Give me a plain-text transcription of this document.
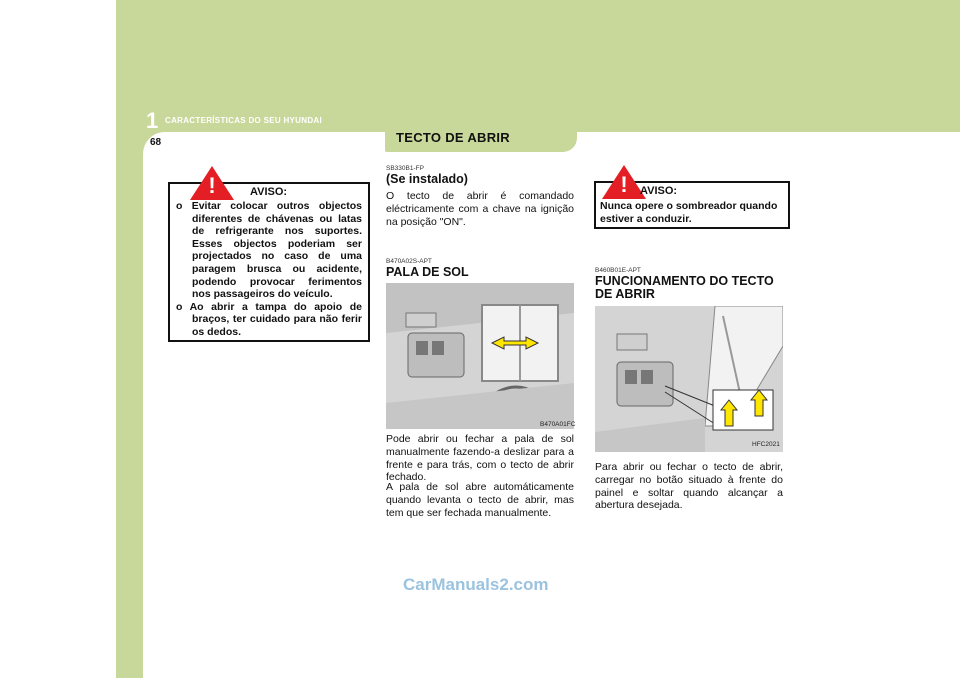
1 CARACTERÍSTICAS DO SEU HYUNDAI
68	TECTO DE ABRIR
!	AVISO:
o Evitar colocar outros objectos diferentes de chávenas ou latas de refrigerante nos suportes. Esses objectos poderiam ser projectados no caso de uma paragem brusca ou acidente, podendo provocar ferimentos nos passageiros do veículo.
o Ao abrir a tampa do apoio de braços, ter cuidado para não ferir os dedos.
SB330B1-FP
(Se instalado)
O tecto de abrir é comandado eléctricamente com a chave na ignição na posição "ON".
B470A02S-APT
PALA DE SOL
B470A01FC
Pode abrir ou fechar a pala de sol manualmente fazendo-a deslizar para a frente e para trás, com o tecto de abrir fechado.
A pala de sol abre automáticamente quando levanta o tecto de abrir, mas tem que ser fechada manualmente.
!	AVISO:
Nunca opere o sombreador quando estiver a conduzir.
B460B01E-APT
FUNCIONAMENTO DO TECTO DE ABRIR
HFC2021
Para abrir ou fechar o tecto de abrir, carregar no botão situado à frente do painel e soltar quando alcançar a abertura desejada.
CarManuals2.com
